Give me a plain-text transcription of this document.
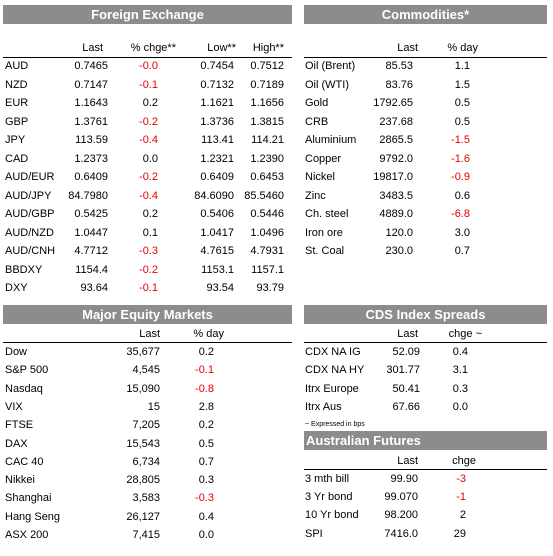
Foreign Exchange
Last	% chge**	Low**	High**
AUD	0.7465	-0.0	0.7454	0.7512
NZD	0.7147	-0.1	0.7132	0.7189
EUR	1.1643	0.2	1.1621	1.1656
GBP	1.3761	-0.2	1.3736	1.3815
JPY	113.59	-0.4	113.41	114.21
CAD	1.2373	0.0	1.2321	1.2390
AUD/EUR	0.6409	-0.2	0.6409	0.6453
AUD/JPY	84.7980	-0.4	84.6090 85.5460
AUD/GBP	0.5425	0.2	0.5406	0.5446
AUD/NZD	1.0447	0.1	1.0417	1.0496
AUD/CNH	4.7712	-0.3	4.7615	4.7931
BBDXY	1154.4	-0.2	1153.1	1157.1
DXY	93.64	-0.1	93.54	93.79
Commodities*
Last	% day
Oil (Brent)	85.53	1.1
Oil (WTI)	83.76	1.5
Gold	1792.65	0.5
CRB	237.68	0.5
Aluminium	2865.5	-1.5
Copper	9792.0	-1.6
Nickel	19817.0	-0.9
Zinc	3483.5	0.6
Ch. steel	4889.0	-6.8
Iron ore	120.0	3.0
St. Coal	230.0	0.7
Major Equity Markets
Last	% day
Dow	35,677	0.2
S&P 500	4,545	-0.1
Nasdaq	15,090	-0.8
VIX	15	2.8
FTSE	7,205	0.2
DAX	15,543	0.5
CAC 40	6,734	0.7
Nikkei	28,805	0.3
Shanghai	3,583	-0.3
Hang Seng	26,127	0.4
ASX 200	7,415	0.0
CDS Index Spreads
Last	chge ~
CDX NA IG	52.09	0.4
CDX NA HY	301.77	3.1
Itrx Europe	50.41	0.3
Itrx Aus	67.66	0.0
~ Expressed in bps
Australian Futures
Last	chge
3 mth bill	99.90	-3
3 Yr bond	99.070	-1
10 Yr bond	98.200	2
SPI	7416.0	29
